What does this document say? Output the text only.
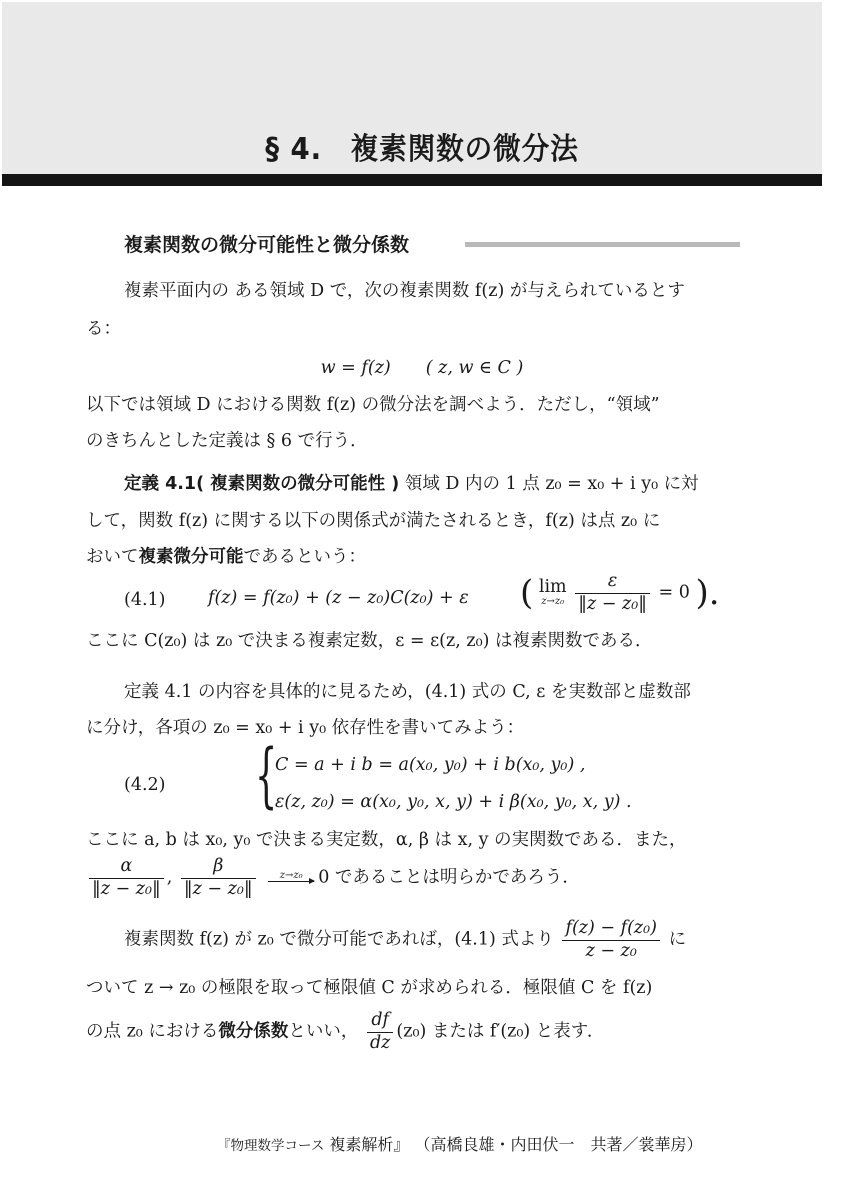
§ 4.　複素関数の微分法
複素関数の微分可能性と微分係数
複素平面内の ある領域 D で，次の複素関数 f(z) が与えられているとす
る：
w = f(z)　　( z, w ∈ C )
以下では領域 D における関数 f(z) の微分法を調べよう．ただし，“領域”
のきちんとした定義は § 6 で行う．
定義 4.1( 複素関数の微分可能性 ) 領域 D 内の 1 点 z₀ = x₀ + i y₀ に対
して，関数 f(z) に関する以下の関係式が満たされるとき，f(z) は点 z₀ に
おいて複素微分可能であるという：
(4.1) f(z) = f(z₀) + (z − z₀)C(z₀) + ε ( lim
z→z₀
$\frac{\varepsilon}{\text{‖z − z₀‖}} = 0$ ).
ここに C(z₀) は z₀ で決まる複素定数，ε = ε(z, z₀) は複素関数である．
定義 4.1 の内容を具体的に見るため，(4.1) 式の C, ε を実数部と虚数部
に分け，各項の z₀ = x₀ + i y₀ 依存性を書いてみよう：
(4.2) {
C = a + i b = a(x₀, y₀) + i b(x₀, y₀) ,
ε(z, z₀) = α(x₀, y₀, x, y) + i β(x₀, y₀, x, y) .
ここに a, b は x₀, y₀ で決まる実定数，α, β は x, y の実関数である．また，
$\frac{\alpha}{\text{‖z − z₀‖}}$ , $\frac{\beta}{\text{‖z − z₀‖}}$
	z→z₀ 0 であることは明らかであろう．
複素関数 f(z) が z₀ で微分可能であれば，(4.1) 式より $\frac{\text{f(z) − f(z₀)}}{\text{z − z₀}}$ に
ついて z → z₀ の極限を取って極限値 C が求められる．極限値 C を f(z)
の点 z₀ における微分係数といい， $\frac{df}{dz} (z_0)$ または f′(z₀) と表す．
『物理数学コース 複素解析』 （高橋良雄・内田伏一　共著／裳華房）
